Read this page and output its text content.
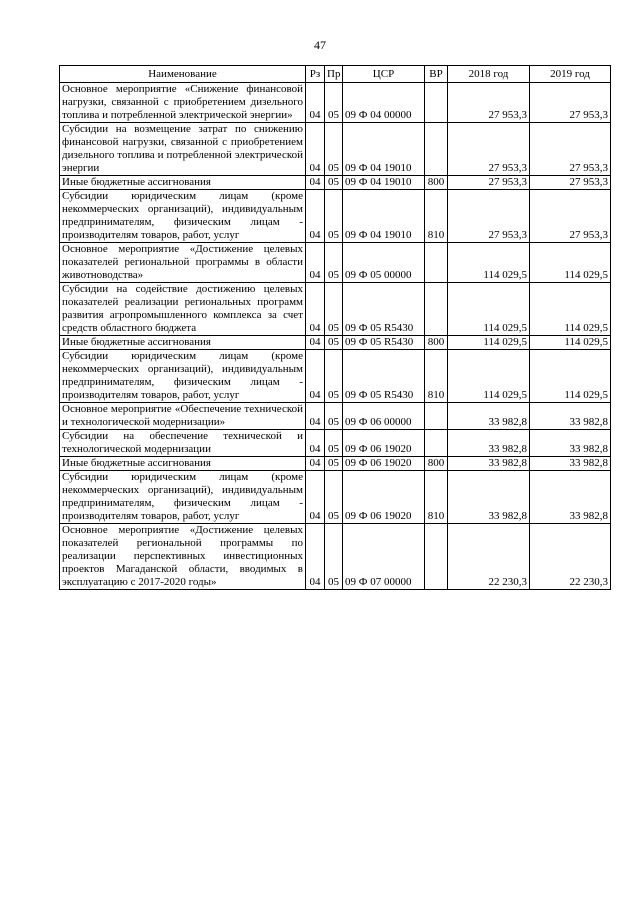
47
Наименование	Рз	Пр	ЦСР	ВР	2018 год	2019 год
Основное мероприятие «Снижение финансовой нагрузки, связанной с приобретением дизельного топлива и потребленной электрической энергии»	04	05	09 Ф 04 00000		27 953,3	27 953,3
Субсидии на возмещение затрат по снижению финансовой нагрузки, связанной с приобретением дизельного топлива и потребленной электрической энергии	04	05	09 Ф 04 19010		27 953,3	27 953,3
Иные бюджетные ассигнования	04	05	09 Ф 04 19010	800	27 953,3	27 953,3
Субсидии юридическим лицам (кроме некоммерческих организаций), индивидуальным предпринимателям, физическим лицам - производителям товаров, работ, услуг	04	05	09 Ф 04 19010	810	27 953,3	27 953,3
Основное мероприятие «Достижение целевых показателей региональной программы в области животноводства»	04	05	09 Ф 05 00000		114 029,5	114 029,5
Субсидии на содействие достижению целевых показателей реализации региональных программ развития агропромышленного комплекса за счет средств областного бюджета	04	05	09 Ф 05 R5430		114 029,5	114 029,5
Иные бюджетные ассигнования	04	05	09 Ф 05 R5430	800	114 029,5	114 029,5
Субсидии юридическим лицам (кроме некоммерческих организаций), индивидуальным предпринимателям, физическим лицам - производителям товаров, работ, услуг	04	05	09 Ф 05 R5430	810	114 029,5	114 029,5
Основное мероприятие «Обеспечение технической и технологической модернизации»	04	05	09 Ф 06 00000		33 982,8	33 982,8
Субсидии на обеспечение технической и технологической модернизации	04	05	09 Ф 06 19020		33 982,8	33 982,8
Иные бюджетные ассигнования	04	05	09 Ф 06 19020	800	33 982,8	33 982,8
Субсидии юридическим лицам (кроме некоммерческих организаций), индивидуальным предпринимателям, физическим лицам - производителям товаров, работ, услуг	04	05	09 Ф 06 19020	810	33 982,8	33 982,8
Основное мероприятие «Достижение целевых показателей региональной программы по реализации перспективных инвестиционных проектов Магаданской области, вводимых в эксплуатацию с 2017-2020 годы»	04	05	09 Ф 07 00000		22 230,3	22 230,3
